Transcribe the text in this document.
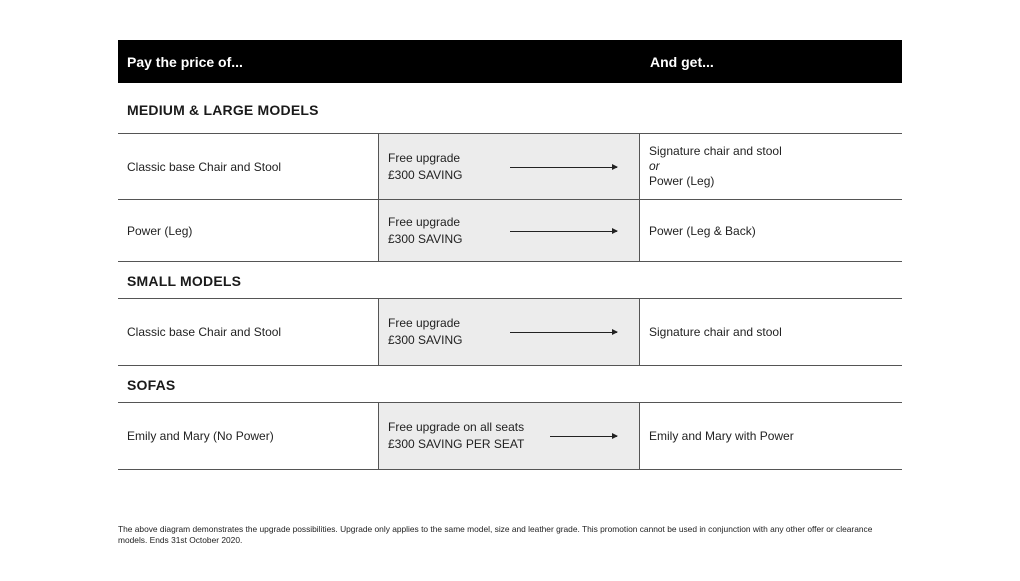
Pay the price of...	And get...
MEDIUM & LARGE MODELS
Classic base Chair and Stool
Free upgrade
£300 SAVING
Signature chair and stool
or
Power (Leg)
Power (Leg)
Free upgrade
£300 SAVING
Power (Leg & Back)
SMALL MODELS
Classic base Chair and Stool
Free upgrade
£300 SAVING
Signature chair and stool
SOFAS
Emily and Mary (No Power)
Free upgrade on all seats
£300 SAVING PER SEAT
Emily and Mary with Power
The above diagram demonstrates the upgrade possibilities. Upgrade only applies to the same model, size and leather grade. This promotion cannot be used in conjunction with any other offer or clearance models. Ends 31st October 2020.
